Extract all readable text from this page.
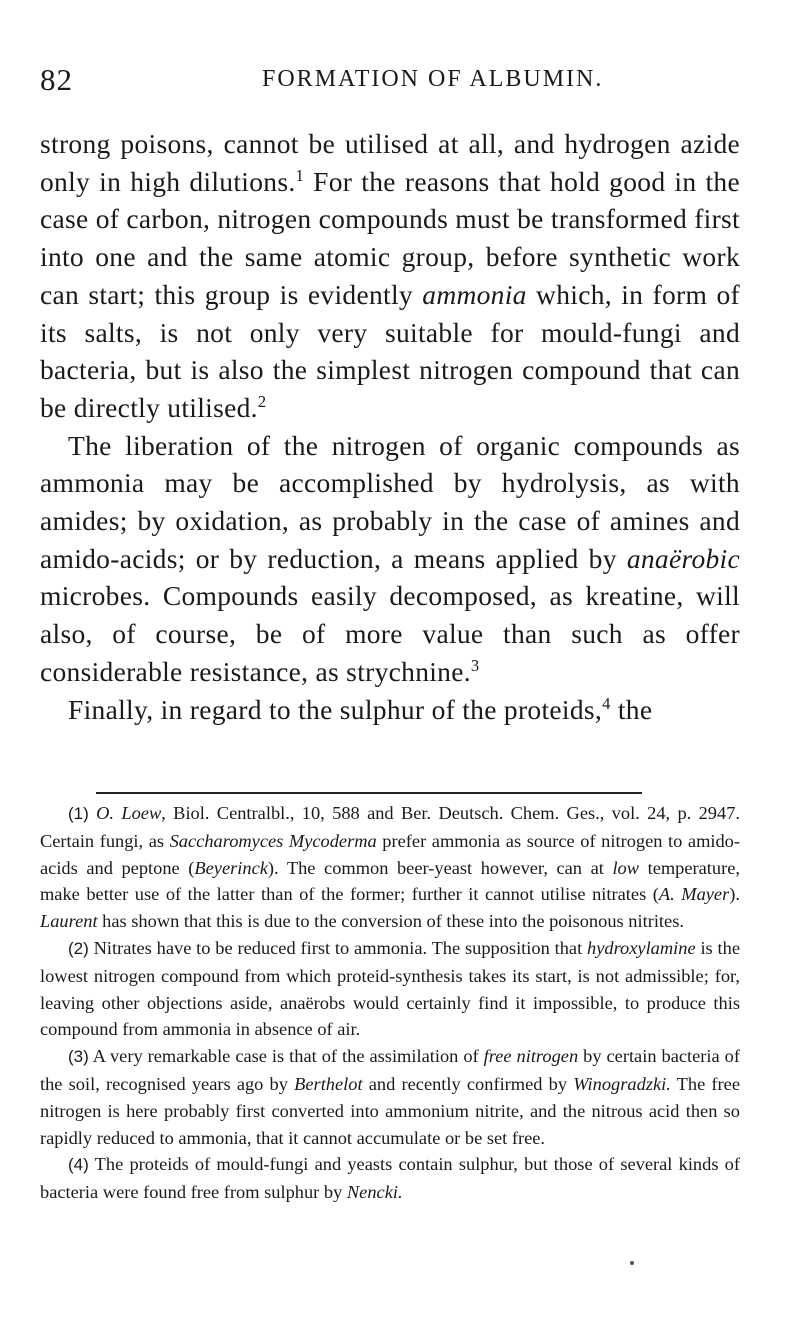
82	FORMATION OF ALBUMIN.

strong poisons, cannot be utilised at all, and hydrogen azide only in high dilutions.$^1$ For the reasons that hold good in the case of carbon, nitrogen compounds must be transformed first into one and the same atomic group, before synthetic work can start; this group is evidently ammonia which, in form of its salts, is not only very suitable for mould-fungi and bacteria, but is also the simplest nitrogen compound that can be directly utilised.$^2$

The liberation of the nitrogen of organic compounds as ammonia may be accomplished by hydrolysis, as with amides; by oxidation, as probably in the case of amines and amido-acids; or by reduction, a means applied by anaërobic microbes. Compounds easily decomposed, as kreatine, will also, of course, be of more value than such as offer considerable resistance, as strychnine.$^3$

Finally, in regard to the sulphur of the proteids,$^4$ the

(1) O. Loew, Biol. Centralbl., 10, 588 and Ber. Deutsch. Chem. Ges., vol. 24, p. 2947. Certain fungi, as Saccharomyces Mycoderma prefer ammonia as source of nitrogen to amido-acids and peptone (Beyerinck). The common beer-yeast however, can at low temperature, make better use of the latter than of the former; further it cannot utilise nitrates (A. Mayer). Laurent has shown that this is due to the conversion of these into the poisonous nitrites.

(2) Nitrates have to be reduced first to ammonia. The supposition that hydroxylamine is the lowest nitrogen compound from which proteid-synthesis takes its start, is not admissible; for, leaving other objections aside, anaërobs would certainly find it impossible, to produce this compound from ammonia in absence of air.

(3) A very remarkable case is that of the assimilation of free nitrogen by certain bacteria of the soil, recognised years ago by Berthelot and recently confirmed by Winogradzki. The free nitrogen is here probably first converted into ammonium nitrite, and the nitrous acid then so rapidly reduced to ammonia, that it cannot accumulate or be set free.

(4) The proteids of mould-fungi and yeasts contain sulphur, but those of several kinds of bacteria were found free from sulphur by Nencki.
